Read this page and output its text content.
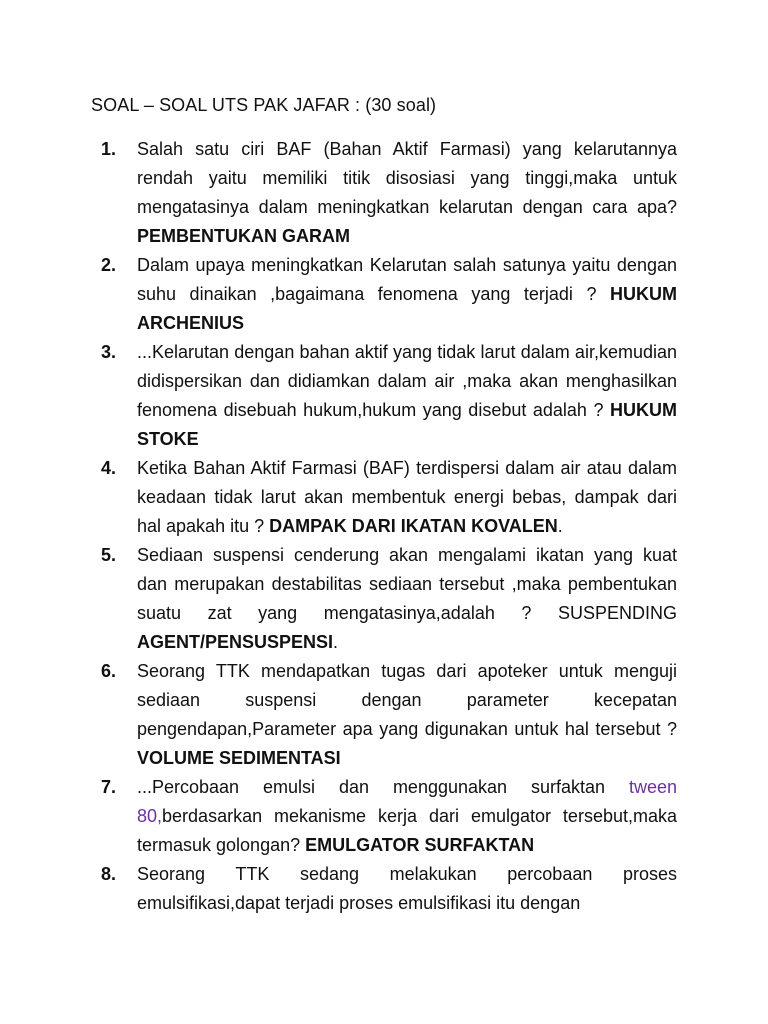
SOAL – SOAL UTS PAK JAFAR : (30 soal)
1.	Salah satu ciri BAF (Bahan Aktif Farmasi) yang kelarutannya rendah yaitu memiliki titik disosiasi yang tinggi,maka untuk mengatasinya dalam meningkatkan kelarutan dengan cara apa? PEMBENTUKAN GARAM
2.	Dalam upaya meningkatkan Kelarutan salah satunya yaitu dengan suhu dinaikan ,bagaimana fenomena yang terjadi ? HUKUM ARCHENIUS
3.	...Kelarutan dengan bahan aktif yang tidak larut dalam air,kemudian didispersikan dan didiamkan dalam air ,maka akan menghasilkan fenomena disebuah hukum,hukum yang disebut adalah ? HUKUM STOKE
4.	Ketika Bahan Aktif Farmasi (BAF) terdispersi dalam air atau dalam keadaan tidak larut akan membentuk energi bebas, dampak dari hal apakah itu ? DAMPAK DARI IKATAN KOVALEN.
5.	Sediaan suspensi cenderung akan mengalami ikatan yang kuat dan merupakan destabilitas sediaan tersebut ,maka pembentukan suatu zat yang mengatasinya,adalah ? SUSPENDING AGENT/PENSUSPENSI.
6.	Seorang TTK mendapatkan tugas dari apoteker untuk menguji sediaan suspensi dengan parameter kecepatan pengendapan,Parameter apa yang digunakan untuk hal tersebut ? VOLUME SEDIMENTASI
7.	...Percobaan emulsi dan menggunakan surfaktan tween 80,berdasarkan mekanisme kerja dari emulgator tersebut,maka termasuk golongan? EMULGATOR SURFAKTAN
8.	Seorang TTK sedang melakukan percobaan proses emulsifikasi,dapat terjadi proses emulsifikasi itu dengan
